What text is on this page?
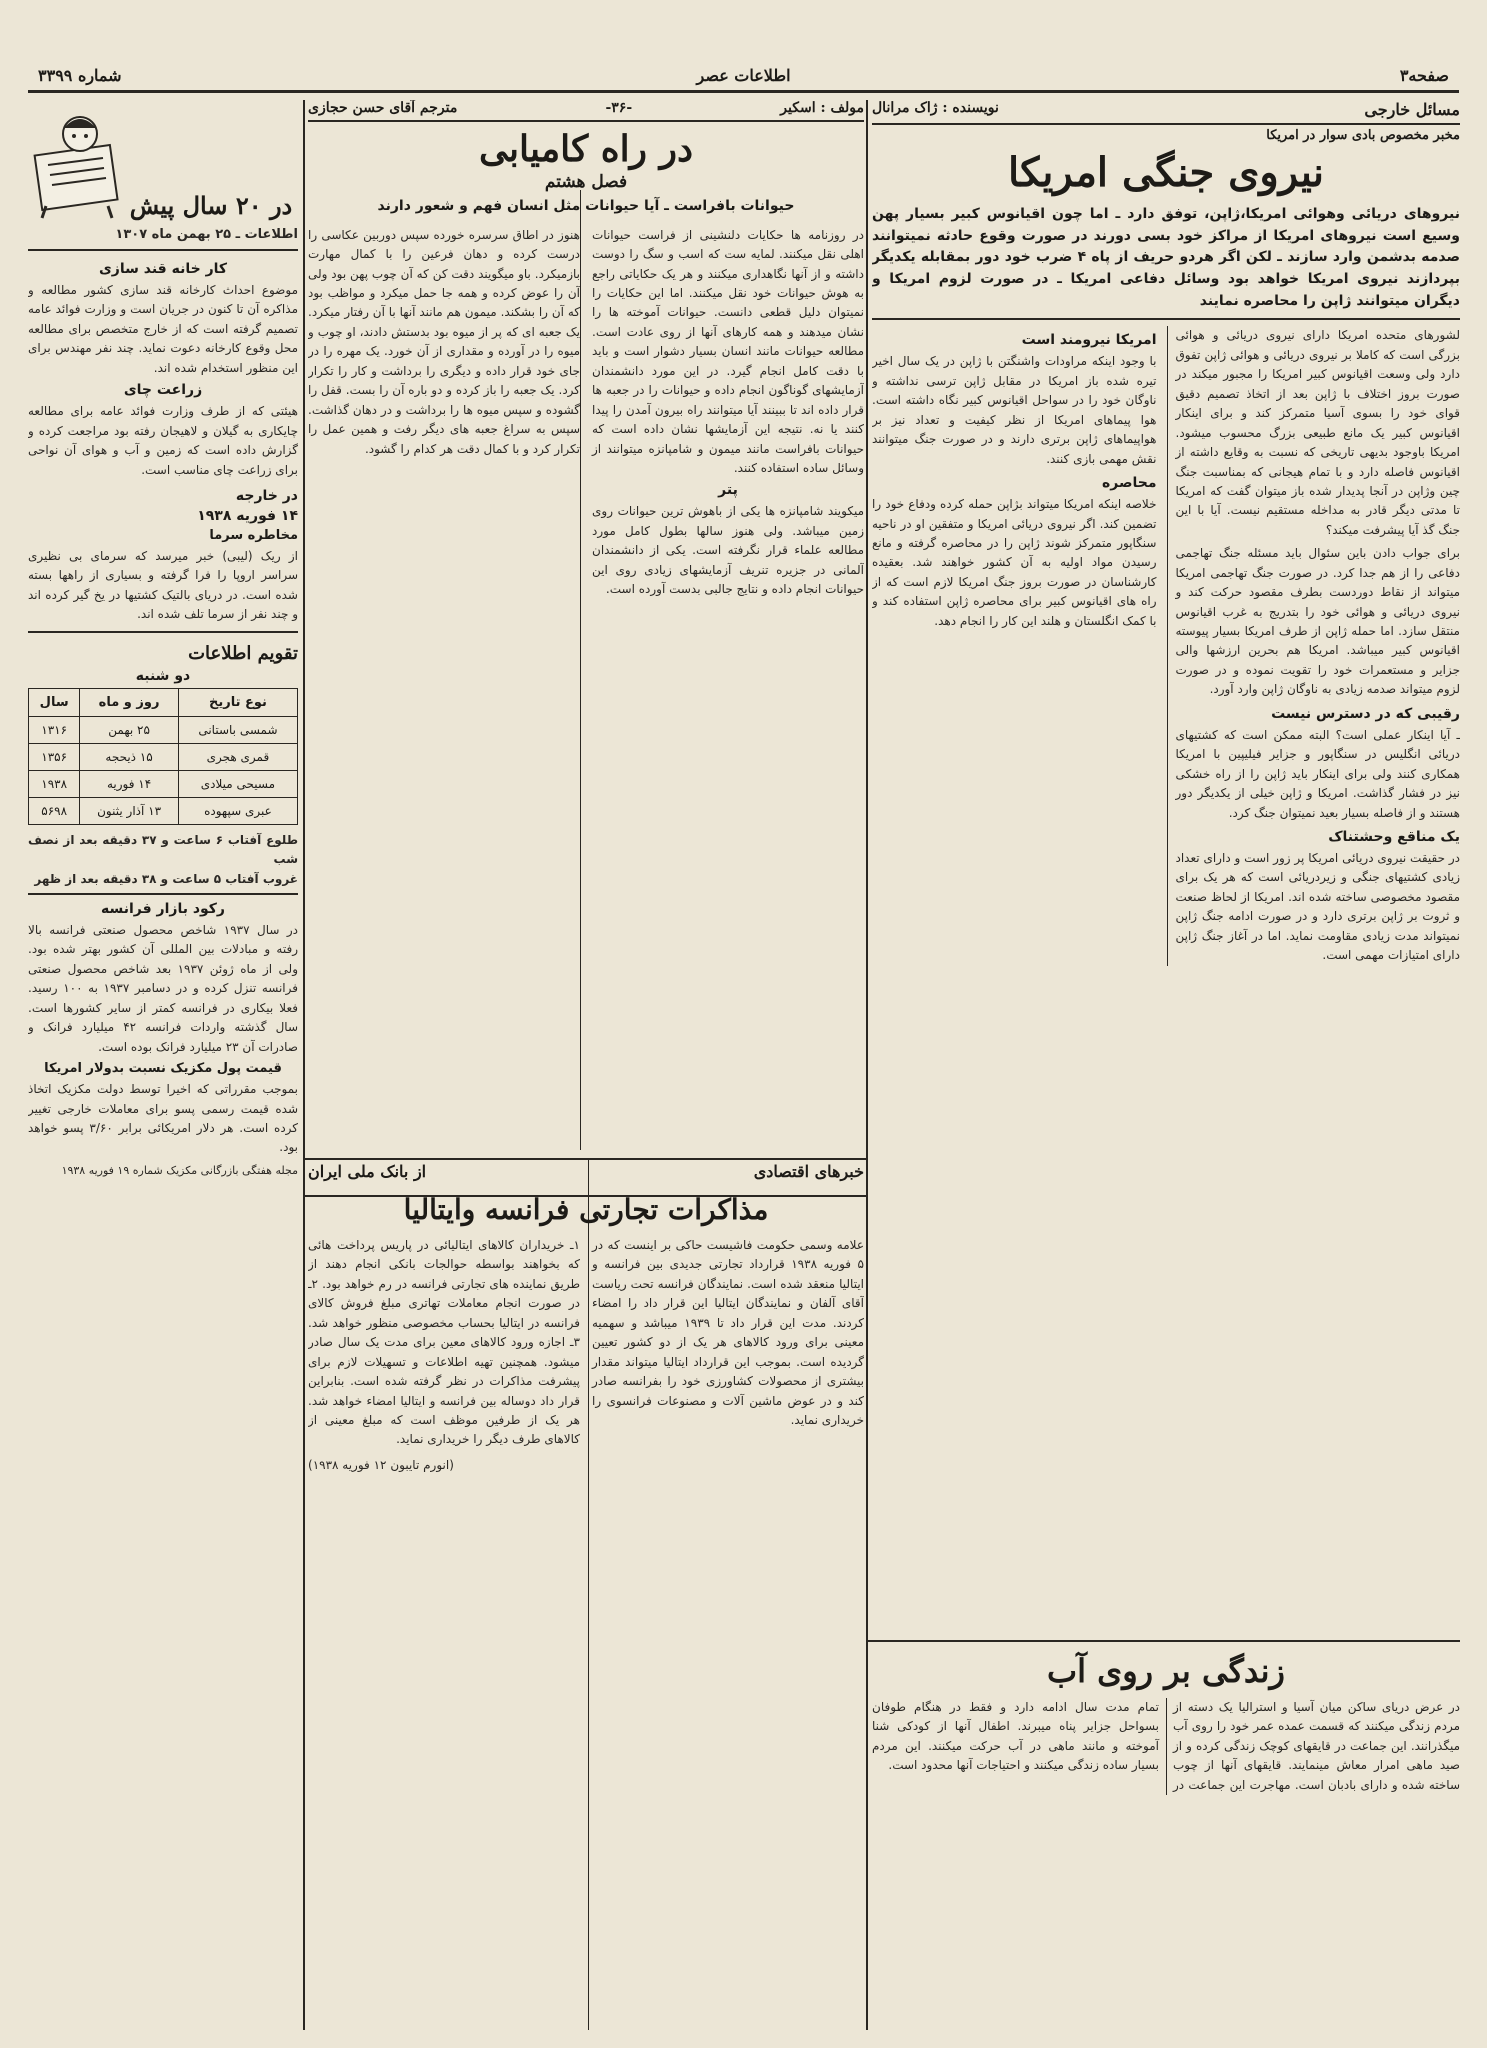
صفحه۳
اطلاعات عصر
شماره ۳۳۹۹
مسائل خارجی
نویسنده : ژاک مرانال
مخبر مخصوص بادی سوار در امریکا
نیروی جنگی امریکا
نیروهای دریائی وهوائی امریکا،ژاپن، توفق دارد ـ اما چون اقیانوس کبیر بسیار پهن وسیع است نیروهای امریکا از مراکز خود بسی دورند در صورت وقوع حادثه نمیتوانند صدمه بدشمن وارد سازند ـ لکن اگر هردو حریف از پاه ۴ ضرب خود دور بمقابله یکدیگر بپردازند نیروی امریکا خواهد بود وسائل دفاعی امریکا ـ در صورت لزوم امریکا و دیگران میتوانند ژاپن را محاصره نمایند

لشورهای متحده امریکا دارای نیروی دریائی و هوائی بزرگی است که کاملا بر نیروی دریائی و هوائی ژاپن تفوق دارد ولی وسعت اقیانوس کبیر امریکا را مجبور میکند در صورت بروز اختلاف با ژاپن بعد از اتخاذ تصمیم دقیق قوای خود را بسوی آسیا متمرکز کند و برای اینکار اقیانوس کبیر یک مانع طبیعی بزرگ محسوب میشود. امریکا باوجود بدیهی تاریخی که نسبت به وقایع داشته از اقیانوس فاصله دارد و با تمام هیجانی که بمناسبت جنگ چین وژاپن در آنجا پدیدار شده باز میتوان گفت که امریکا تا مدتی دیگر قادر به مداخله مستقیم نیست. آیا با این جنگ گذ آیا پیشرفت میکند؟

برای جواب دادن باین سئوال باید مسئله جنگ تهاجمی دفاعی را از هم جدا کرد. در صورت جنگ تهاجمی امریکا میتواند از نقاط دوردست بطرف مقصود حرکت کند و نیروی دریائی و هوائی خود را بتدریج به غرب اقیانوس منتقل سازد. اما حمله ژاپن از طرف امریکا بسیار پیوسته اقیانوس کبیر میباشد. امریکا هم بحرین ارزشها والی جزایر و مستعمرات خود را تقویت نموده و در صورت لزوم میتواند صدمه زیادی به ناوگان ژاپن وارد آورد.

رقیبی که در دسترس نیست

ـ آیا اینکار عملی است؟ البته ممکن است که کشتیهای دریائی انگلیس در سنگاپور و جزایر فیلیپین با امریکا همکاری کنند ولی برای اینکار باید ژاپن را از راه خشکی نیز در فشار گذاشت. امریکا و ژاپن خیلی از یکدیگر دور هستند و از فاصله بسیار بعید نمیتوان جنگ کرد.

یک مناقع وحشتناک

در حقیقت نیروی دریائی امریکا پر زور است و دارای تعداد زیادی کشتیهای جنگی و زیردریائی است که هر یک برای مقصود مخصوصی ساخته شده اند. امریکا از لحاظ صنعت و ثروت بر ژاپن برتری دارد و در صورت ادامه جنگ ژاپن نمیتواند مدت زیادی مقاومت نماید. اما در آغاز جنگ ژاپن دارای امتیازات مهمی است.

امریکا نیرومند است

با وجود اینکه مراودات واشنگتن با ژاپن در یک سال اخیر تیره شده باز امریکا در مقابل ژاپن ترسی نداشته و ناوگان خود را در سواحل اقیانوس کبیر نگاه داشته است. هوا پیماهای امریکا از نظر کیفیت و تعداد نیز بر هواپیماهای ژاپن برتری دارند و در صورت جنگ میتوانند نقش مهمی بازی کنند.

محاصره

خلاصه اینکه امریکا میتواند بژاپن حمله کرده ودفاع خود را تضمین کند. اگر نیروی دریائی امریکا و متفقین او در ناحیه سنگاپور متمرکز شوند ژاپن را در محاصره گرفته و مانع رسیدن مواد اولیه به آن کشور خواهند شد. بعقیده کارشناسان در صورت بروز جنگ امریکا لازم است که از راه های اقیانوس کبیر برای محاصره ژاپن استفاده کند و با کمک انگلستان و هلند این کار را انجام دهد.

زندگی بر روی آب

در عرض دریای ساکن میان آسیا و استرالیا یک دسته از مردم زندگی میکنند که قسمت عمده عمر خود را روی آب میگذرانند. این جماعت در قایقهای کوچک زندگی کرده و از صید ماهی امرار معاش مینمایند. قایقهای آنها از چوب ساخته شده و دارای بادبان است. مهاجرت این جماعت در تمام مدت سال ادامه دارد و فقط در هنگام طوفان بسواحل جزایر پناه میبرند. اطفال آنها از کودکی شنا آموخته و مانند ماهی در آب حرکت میکنند. این مردم بسیار ساده زندگی میکنند و احتیاجات آنها محدود است.

مولف : اسکیر
-۳۶-
مترجم آقای حسن حجازی
در راه کامیابی
فصل هشتم
حیوانات بافراست ـ آیا حیوانات مثل انسان فهم و شعور دارند

در روزنامه ها حکایات دلنشینی از فراست حیوانات اهلی نقل میکنند. لمایه ست که اسب و سگ را دوست داشته و از آنها نگاهداری میکنند و هر یک حکایاتی راجع به هوش حیوانات خود نقل میکنند. اما این حکایات را نمیتوان دلیل قطعی دانست. حیوانات آموخته ها را نشان میدهند و همه کارهای آنها از روی عادت است. مطالعه حیوانات مانند انسان بسیار دشوار است و باید با دقت کامل انجام گیرد. در این مورد دانشمندان آزمایشهای گوناگون انجام داده و حیوانات را در جعبه ها قرار داده اند تا ببینند آیا میتوانند راه بیرون آمدن را پیدا کنند یا نه. نتیجه این آزمایشها نشان داده است که حیوانات بافراست مانند میمون و شامپانزه میتوانند از وسائل ساده استفاده کنند.

پتر

میکویند شامپانزه ها یکی از باهوش ترین حیوانات روی زمین میباشد. ولی هنوز سالها بطول کامل مورد مطالعه علماء قرار نگرفته است. یکی از دانشمندان آلمانی در جزیره تنریف آزمایشهای زیادی روی این حیوانات انجام داده و نتایج جالبی بدست آورده است.

هنوز در اطاق سرسره خورده سپس دوربین عکاسی را درست کرده و دهان فرعین را با کمال مهارت بازمیکرد. باو میگویند دقت کن که آن چوب پهن بود ولی آن را عوض کرده و همه جا حمل میکرد و مواظب بود که آن را بشکند. میمون هم مانند آنها با آن رفتار میکرد. یک جعبه ای که پر از میوه بود بدستش دادند، او چوب و میوه را در آورده و مقداری از آن خورد. یک مهره را در جای خود قرار داده و دیگری را برداشت و کار را تکرار کرد. یک جعبه را باز کرده و دو باره آن را بست. قفل را گشوده و سپس میوه ها را برداشت و در دهان گذاشت. سپس به سراغ جعبه های دیگر رفت و همین عمل را تکرار کرد و با کمال دقت هر کدام را گشود.

خبرهای اقتصادی
از بانک ملی ایران
مذاکرات تجارتی فرانسه وایتالیا

علامه وسمی حکومت فاشیست حاکی بر اینست که در ۵ فوریه ۱۹۳۸ قرارداد تجارتی جدیدی بین فرانسه و ایتالیا منعقد شده است. نمایندگان فرانسه تحت ریاست آقای آلفان و نمایندگان ایتالیا این قرار داد را امضاء کردند. مدت این قرار داد تا ۱۹۳۹ میباشد و سهمیه معینی برای ورود کالاهای هر یک از دو کشور تعیین گردیده است. بموجب این قرارداد ایتالیا میتواند مقدار بیشتری از محصولات کشاورزی خود را بفرانسه صادر کند و در عوض ماشین آلات و مصنوعات فرانسوی را خریداری نماید.

۱ـ خریداران کالاهای ایتالیائی در پاریس پرداخت هائی که بخواهند بواسطه حوالجات بانکی انجام دهند از طریق نماینده های تجارتی فرانسه در رم خواهد بود. ۲ـ در صورت انجام معاملات تهاتری مبلغ فروش کالای فرانسه در ایتالیا بحساب مخصوصی منظور خواهد شد. ۳ـ اجازه ورود کالاهای معین برای مدت یک سال صادر میشود. همچنین تهیه اطلاعات و تسهیلات لازم برای پیشرفت مذاکرات در نظر گرفته شده است. بنابراین قرار داد دوساله بین فرانسه و ایتالیا امضاء خواهد شد. هر یک از طرفین موظف است که مبلغ معینی از کالاهای طرف دیگر را خریداری نماید.

(انورم تایبون ۱۲ فوریه ۱۹۳۸)
در ۲۰ سال پیش
اطلاعات ـ ۲۵ بهمن ماه ۱۳۰۷
کار خانه قند سازی

موضوع احداث کارخانه قند سازی کشور مطالعه و مذاکره آن تا کنون در جریان است و وزارت فوائد عامه تصمیم گرفته است که از خارج متخصص برای مطالعه محل وقوع کارخانه دعوت نماید. چند نفر مهندس برای این منظور استخدام شده اند.

زراعت چای

هیئتی که از طرف وزارت فوائد عامه برای مطالعه چایکاری به گیلان و لاهیجان رفته بود مراجعت کرده و گزارش داده است که زمین و آب و هوای آن نواحی برای زراعت چای مناسب است.

در خارجه
۱۴ فوریه ۱۹۳۸
مخاطره سرما

از ریک (لیبی) خبر میرسد که سرمای بی نظیری سراسر اروپا را فرا گرفته و بسیاری از راهها بسته شده است. در دریای بالتیک کشتیها در یخ گیر کرده اند و چند نفر از سرما تلف شده اند.

تقویم اطلاعات
دو شنبه
نوع تاریخ	روز و ماه	سال
شمسی باستانی	۲۵ بهمن	۱۳۱۶
قمری هجری	۱۵ ذیحجه	۱۳۵۶
مسیحی میلادی	۱۴ فوریه	۱۹۳۸
عبری سپهوده	۱۳ آذار یثنون	۵۶۹۸
طلوع آفتاب ۶ ساعت و ۳۷ دقیقه بعد از نصف شب
غروب آفتاب ۵ ساعت و ۳۸ دقیقه بعد از ظهر
رکود بازار فرانسه

در سال ۱۹۳۷ شاخص محصول صنعتی فرانسه بالا رفته و مبادلات بین المللی آن کشور بهتر شده بود. ولی از ماه ژوئن ۱۹۳۷ بعد شاخص محصول صنعتی فرانسه تنزل کرده و در دسامبر ۱۹۳۷ به ۱۰۰ رسید. فعلا بیکاری در فرانسه کمتر از سایر کشورها است. سال گذشته واردات فرانسه ۴۲ میلیارد فرانک و صادرات آن ۲۳ میلیارد فرانک بوده است.

قیمت پول مکزیک نسبت بدولار امریکا

بموجب مقرراتی که اخیرا توسط دولت مکزیک اتخاذ شده قیمت رسمی پسو برای معاملات خارجی تغییر کرده است. هر دلار امریکائی برابر ۳/۶۰ پسو خواهد بود.

مجله هفتگی بازرگانی مکزیک شماره ۱۹ فوریه ۱۹۳۸
